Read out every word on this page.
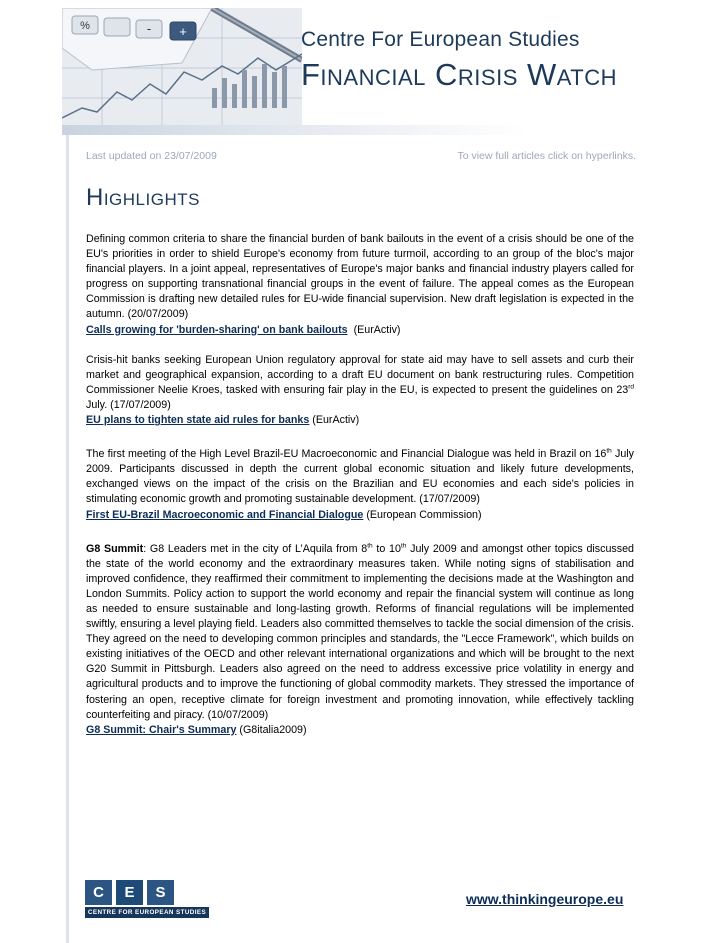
%	- +	Centre For European Studies
Financial Crisis Watch
Last updated on 23/07/2009	To view full articles click on hyperlinks.
Highlights
Defining common criteria to share the financial burden of bank bailouts in the event of a crisis should be one of the EU's priorities in order to shield Europe's economy from future turmoil, according to an group of the bloc's major financial players. In a joint appeal, representatives of Europe's major banks and financial industry players called for progress on supporting transnational financial groups in the event of failure. The appeal comes as the European Commission is drafting new detailed rules for EU-wide financial supervision. New draft legislation is expected in the autumn. (20/07/2009)
Calls growing for 'burden-sharing' on bank bailouts (EurActiv)
Crisis-hit banks seeking European Union regulatory approval for state aid may have to sell assets and curb their market and geographical expansion, according to a draft EU document on bank restructuring rules. Competition Commissioner Neelie Kroes, tasked with ensuring fair play in the EU, is expected to present the guidelines on 23rd July. (17/07/2009)
EU plans to tighten state aid rules for banks (EurActiv)
The first meeting of the High Level Brazil-EU Macroeconomic and Financial Dialogue was held in Brazil on 16th July 2009. Participants discussed in depth the current global economic situation and likely future developments, exchanged views on the impact of the crisis on the Brazilian and EU economies and each side's policies in stimulating economic growth and promoting sustainable development. (17/07/2009)
First EU-Brazil Macroeconomic and Financial Dialogue (European Commission)
G8 Summit: G8 Leaders met in the city of L’Aquila from 8th to 10th July 2009 and amongst other topics discussed the state of the world economy and the extraordinary measures taken. While noting signs of stabilisation and improved confidence, they reaffirmed their commitment to implementing the decisions made at the Washington and London Summits. Policy action to support the world economy and repair the financial system will continue as long as needed to ensure sustainable and long-lasting growth. Reforms of financial regulations will be implemented swiftly, ensuring a level playing field. Leaders also committed themselves to tackle the social dimension of the crisis. They agreed on the need to developing common principles and standards, the "Lecce Framework", which builds on existing initiatives of the OECD and other relevant international organizations and which will be brought to the next G20 Summit in Pittsburgh. Leaders also agreed on the need to address excessive price volatility in energy and agricultural products and to improve the functioning of global commodity markets. They stressed the importance of fostering an open, receptive climate for foreign investment and promoting innovation, while effectively tackling counterfeiting and piracy. (10/07/2009)
G8 Summit: Chair's Summary (G8italia2009)
C	E	S
CENTRE FOR EUROPEAN STUDIES
www.thinkingeurope.eu
